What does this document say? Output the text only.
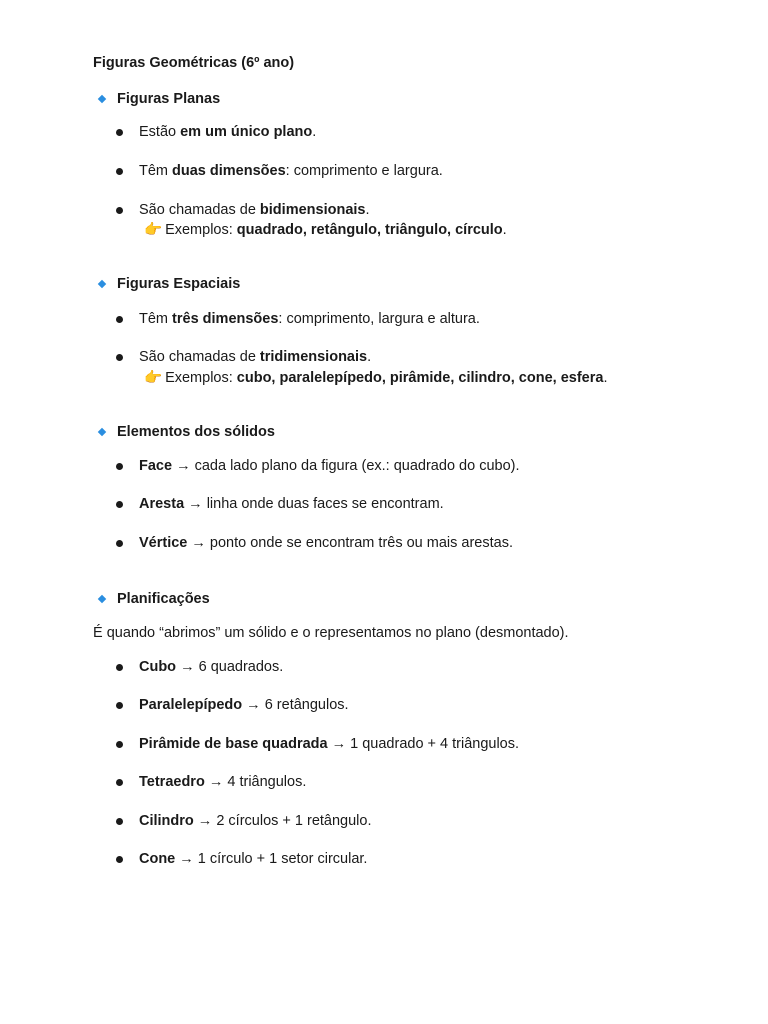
Figuras Geométricas (6º ano)
Figuras Planas
Estão em um único plano.
Têm duas dimensões: comprimento e largura.
São chamadas de bidimensionais.
👉 Exemplos: quadrado, retângulo, triângulo, círculo.
Figuras Espaciais
Têm três dimensões: comprimento, largura e altura.
São chamadas de tridimensionais.
👉 Exemplos: cubo, paralelepípedo, pirâmide, cilindro, cone, esfera.
Elementos dos sólidos
Face → cada lado plano da figura (ex.: quadrado do cubo).
Aresta → linha onde duas faces se encontram.
Vértice → ponto onde se encontram três ou mais arestas.
Planificações
É quando “abrimos” um sólido e o representamos no plano (desmontado).
Cubo → 6 quadrados.
Paralelepípedo → 6 retângulos.
Pirâmide de base quadrada → 1 quadrado + 4 triângulos.
Tetraedro → 4 triângulos.
Cilindro → 2 círculos + 1 retângulo.
Cone → 1 círculo + 1 setor circular.
